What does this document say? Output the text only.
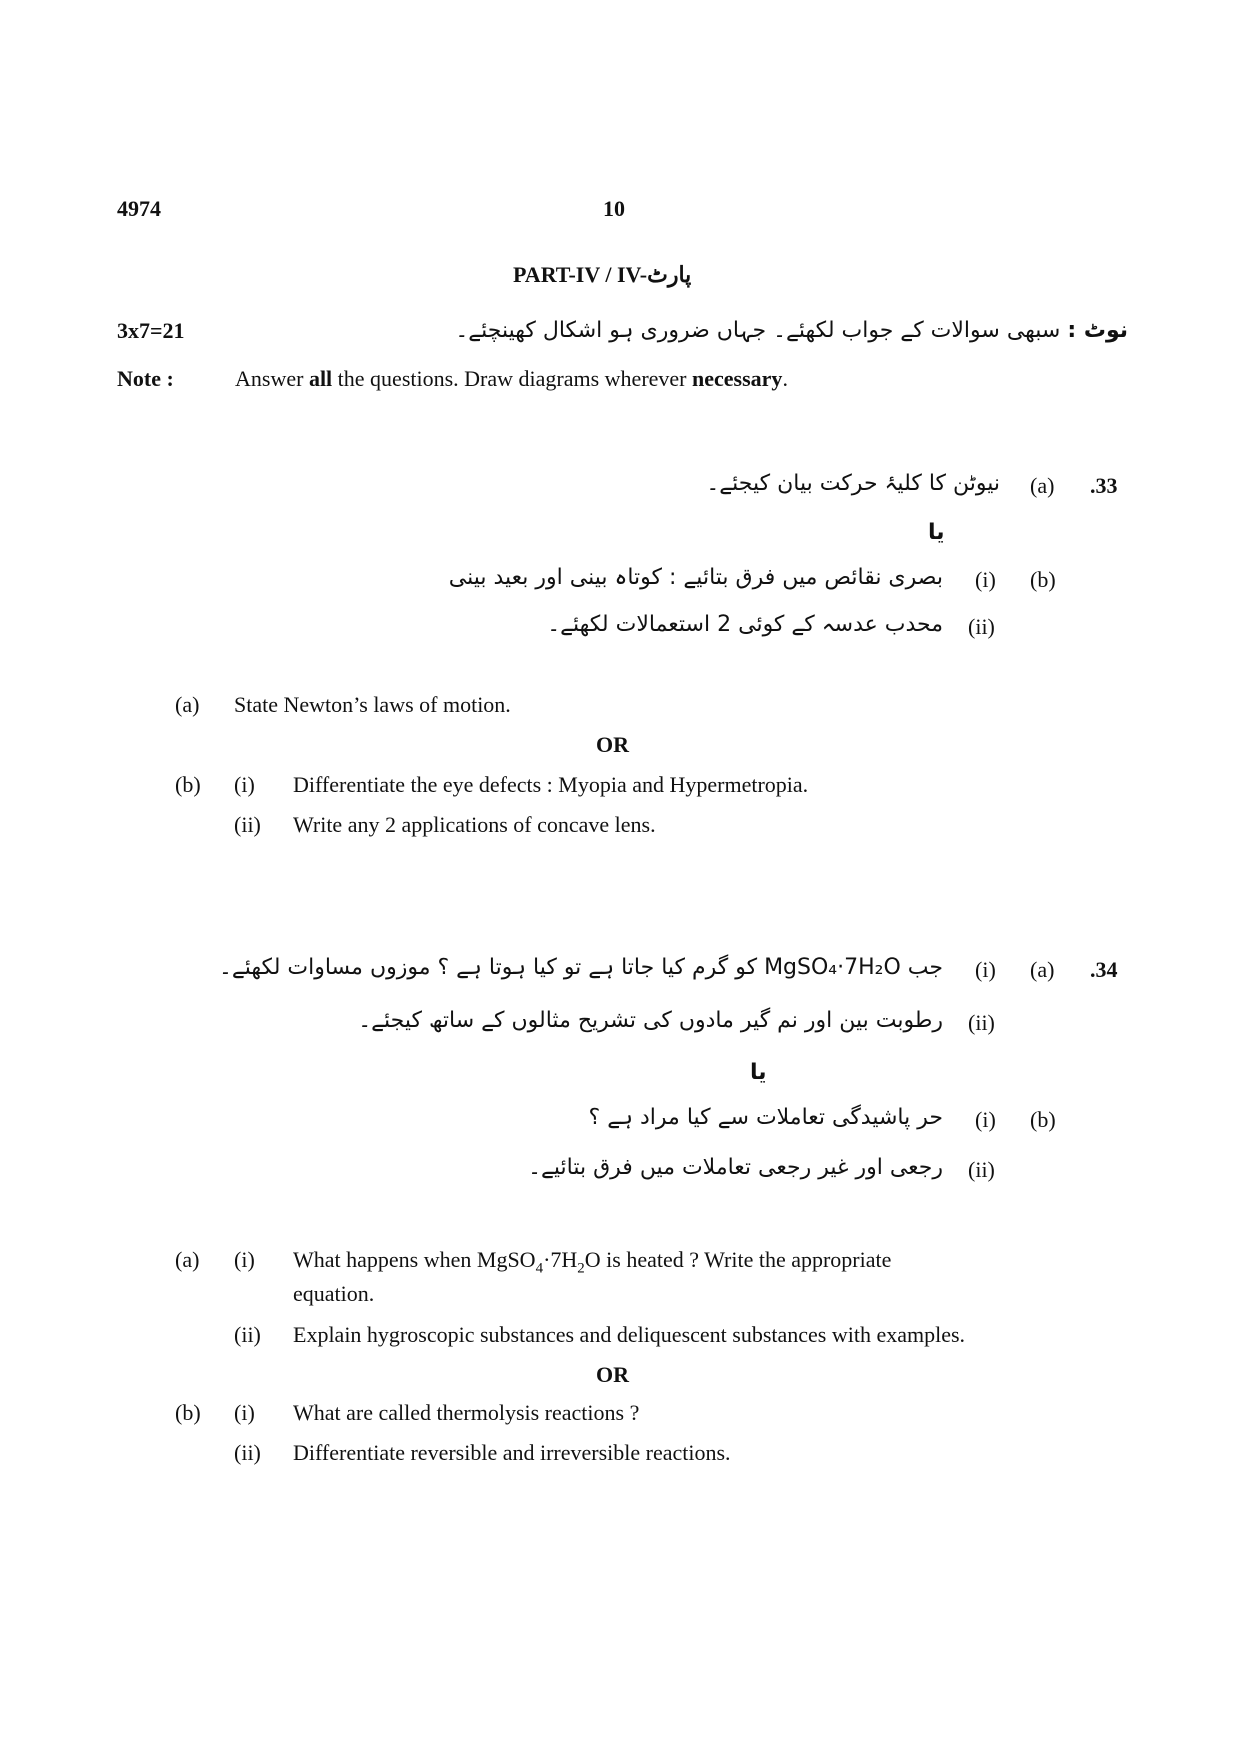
4974	10
PART-IV / IV-پارٹ
3x7=21	نوٹ : سبھی سوالات کے جواب لکھئے۔ جہاں ضروری ہو اشکال کھینچئے۔
Note :	Answer all the questions. Draw diagrams wherever necessary.
.33
(a)
نیوٹن کا کلیۂ حرکت بیان کیجئے۔
یا
(b)
(i)
بصری نقائص میں فرق بتائیے : کوتاہ بینی اور بعید بینی
(ii)
محدب عدسہ کے کوئی 2 استعمالات لکھئے۔
(a) State Newton’s laws of motion.
OR
(b) (i) Differentiate the eye defects : Myopia and Hypermetropia.
(ii) Write any 2 applications of concave lens.
.34
(a)
(i)
جب MgSO₄·7H₂O کو گرم کیا جاتا ہے تو کیا ہوتا ہے ؟ موزوں مساوات لکھئے۔
(ii)
رطوبت بین اور نم گیر مادوں کی تشریح مثالوں کے ساتھ کیجئے۔
یا
(b)
(i)
حر پاشیدگی تعاملات سے کیا مراد ہے ؟
(ii)
رجعی اور غیر رجعی تعاملات میں فرق بتائیے۔
(a) (i) What happens when $MgSO_4\cdot 7H_2O$ is heated ? Write the appropriate
equation.
(ii) Explain hygroscopic substances and deliquescent substances with examples.
OR
(b) (i) What are called thermolysis reactions ?
(ii) Differentiate reversible and irreversible reactions.
